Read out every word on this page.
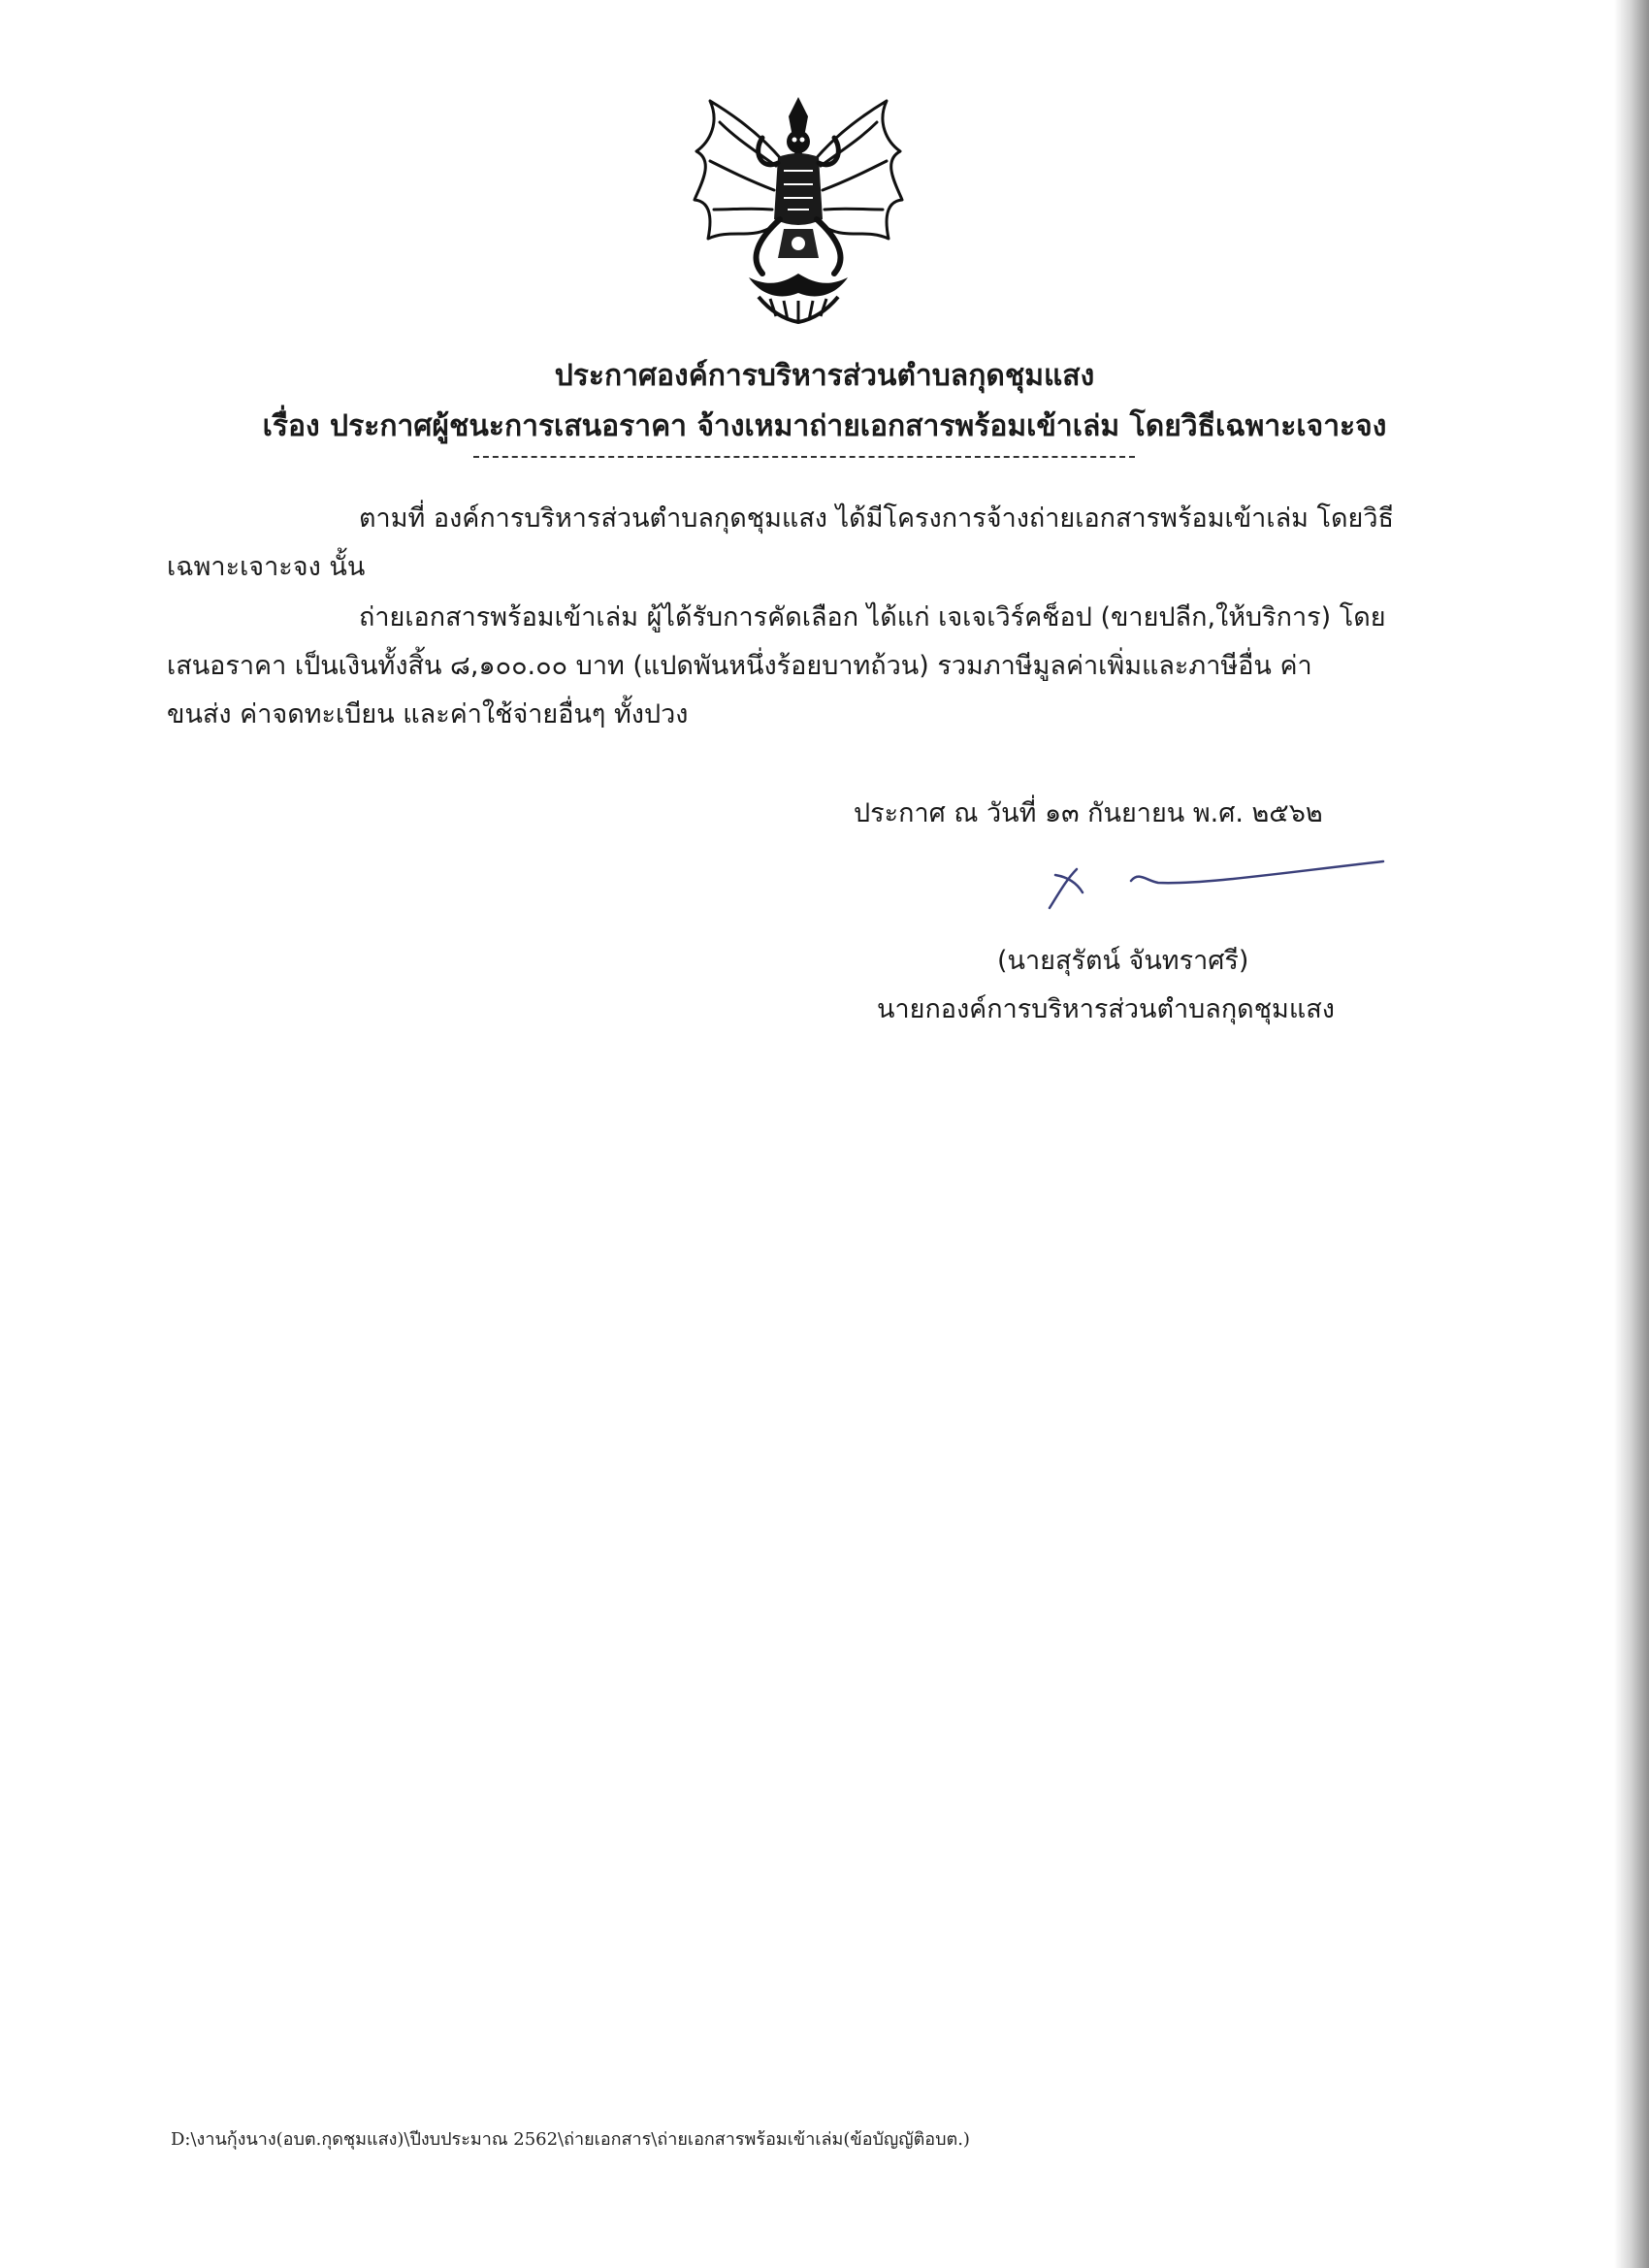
ประกาศองค์การบริหารส่วนตำบลกุดชุมแสง
เรื่อง ประกาศผู้ชนะการเสนอราคา จ้างเหมาถ่ายเอกสารพร้อมเข้าเล่ม โดยวิธีเฉพาะเจาะจง
ตามที่ องค์การบริหารส่วนตำบลกุดชุมแสง ได้มีโครงการจ้างถ่ายเอกสารพร้อมเข้าเล่ม โดยวิธี
เฉพาะเจาะจง นั้น
ถ่ายเอกสารพร้อมเข้าเล่ม ผู้ได้รับการคัดเลือก ได้แก่ เจเจเวิร์คช็อป (ขายปลีก,ให้บริการ) โดย
เสนอราคา เป็นเงินทั้งสิ้น ๘,๑๐๐.๐๐ บาท (แปดพันหนึ่งร้อยบาทถ้วน) รวมภาษีมูลค่าเพิ่มและภาษีอื่น ค่า
ขนส่ง ค่าจดทะเบียน และค่าใช้จ่ายอื่นๆ ทั้งปวง
ประกาศ ณ วันที่ ๑๓ กันยายน พ.ศ. ๒๕๖๒
(นายสุรัตน์ จันทราศรี)
นายกองค์การบริหารส่วนตำบลกุดชุมแสง
D:\งานกุ้งนาง(อบต.กุดชุมแสง)\ปีงบประมาณ 2562\ถ่ายเอกสาร\ถ่ายเอกสารพร้อมเข้าเล่ม(ข้อบัญญัติอบต.)
